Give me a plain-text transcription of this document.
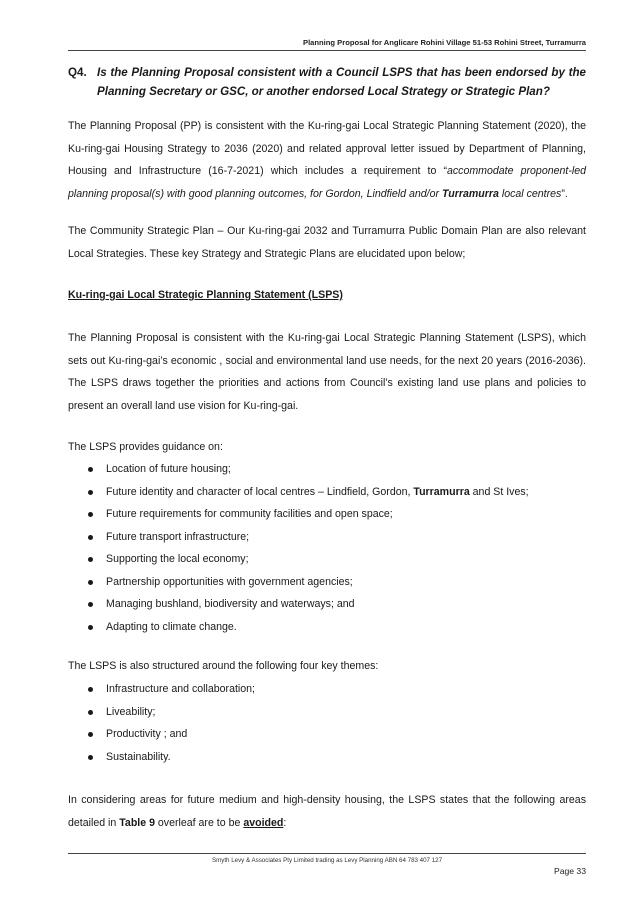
Planning Proposal for Anglicare Rohini Village 51-53 Rohini Street, Turramurra
Q4. Is the Planning Proposal consistent with a Council LSPS that has been endorsed by the Planning Secretary or GSC, or another endorsed Local Strategy or Strategic Plan?
The Planning Proposal (PP) is consistent with the Ku-ring-gai Local Strategic Planning Statement (2020), the Ku-ring-gai Housing Strategy to 2036 (2020) and related approval letter issued by Department of Planning, Housing and Infrastructure (16-7-2021) which includes a requirement to “accommodate proponent-led planning proposal(s) with good planning outcomes, for Gordon, Lindfield and/or Turramurra local centres”.
The Community Strategic Plan – Our Ku-ring-gai 2032 and Turramurra Public Domain Plan are also relevant Local Strategies. These key Strategy and Strategic Plans are elucidated upon below;
Ku-ring-gai Local Strategic Planning Statement (LSPS)
The Planning Proposal is consistent with the Ku-ring-gai Local Strategic Planning Statement (LSPS), which sets out Ku-ring-gai’s economic , social and environmental land use needs, for the next 20 years (2016-2036). The LSPS draws together the priorities and actions from Council’s existing land use plans and policies to present an overall land use vision for Ku-ring-gai.
The LSPS provides guidance on:
Location of future housing;
Future identity and character of local centres – Lindfield, Gordon, Turramurra and St Ives;
Future requirements for community facilities and open space;
Future transport infrastructure;
Supporting the local economy;
Partnership opportunities with government agencies;
Managing bushland, biodiversity and waterways; and
Adapting to climate change.
The LSPS is also structured around the following four key themes:
Infrastructure and collaboration;
Liveability;
Productivity ; and
Sustainability.
In considering areas for future medium and high-density housing, the LSPS states that the following areas detailed in Table 9 overleaf are to be avoided:
Smyth Levy & Associates Pty Limited trading as Levy Planning ABN 64 783 407 127
Page 33
